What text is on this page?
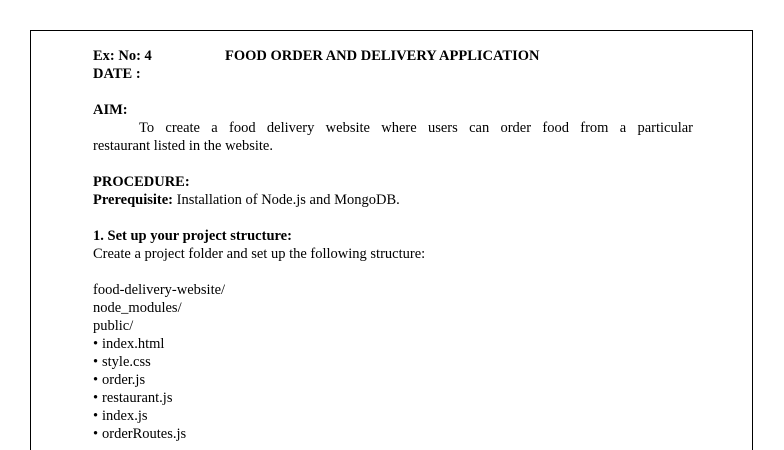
Ex: No: 4	FOOD ORDER AND DELIVERY APPLICATION
DATE :
AIM:
To create a food delivery website where users can order food from a particular
restaurant listed in the website.
PROCEDURE:
Prerequisite: Installation of Node.js and MongoDB.
1. Set up your project structure:
Create a project folder and set up the following structure:
food-delivery-website/
node_modules/
public/
• index.html
• style.css
• order.js
• restaurant.js
• index.js
• orderRoutes.js
